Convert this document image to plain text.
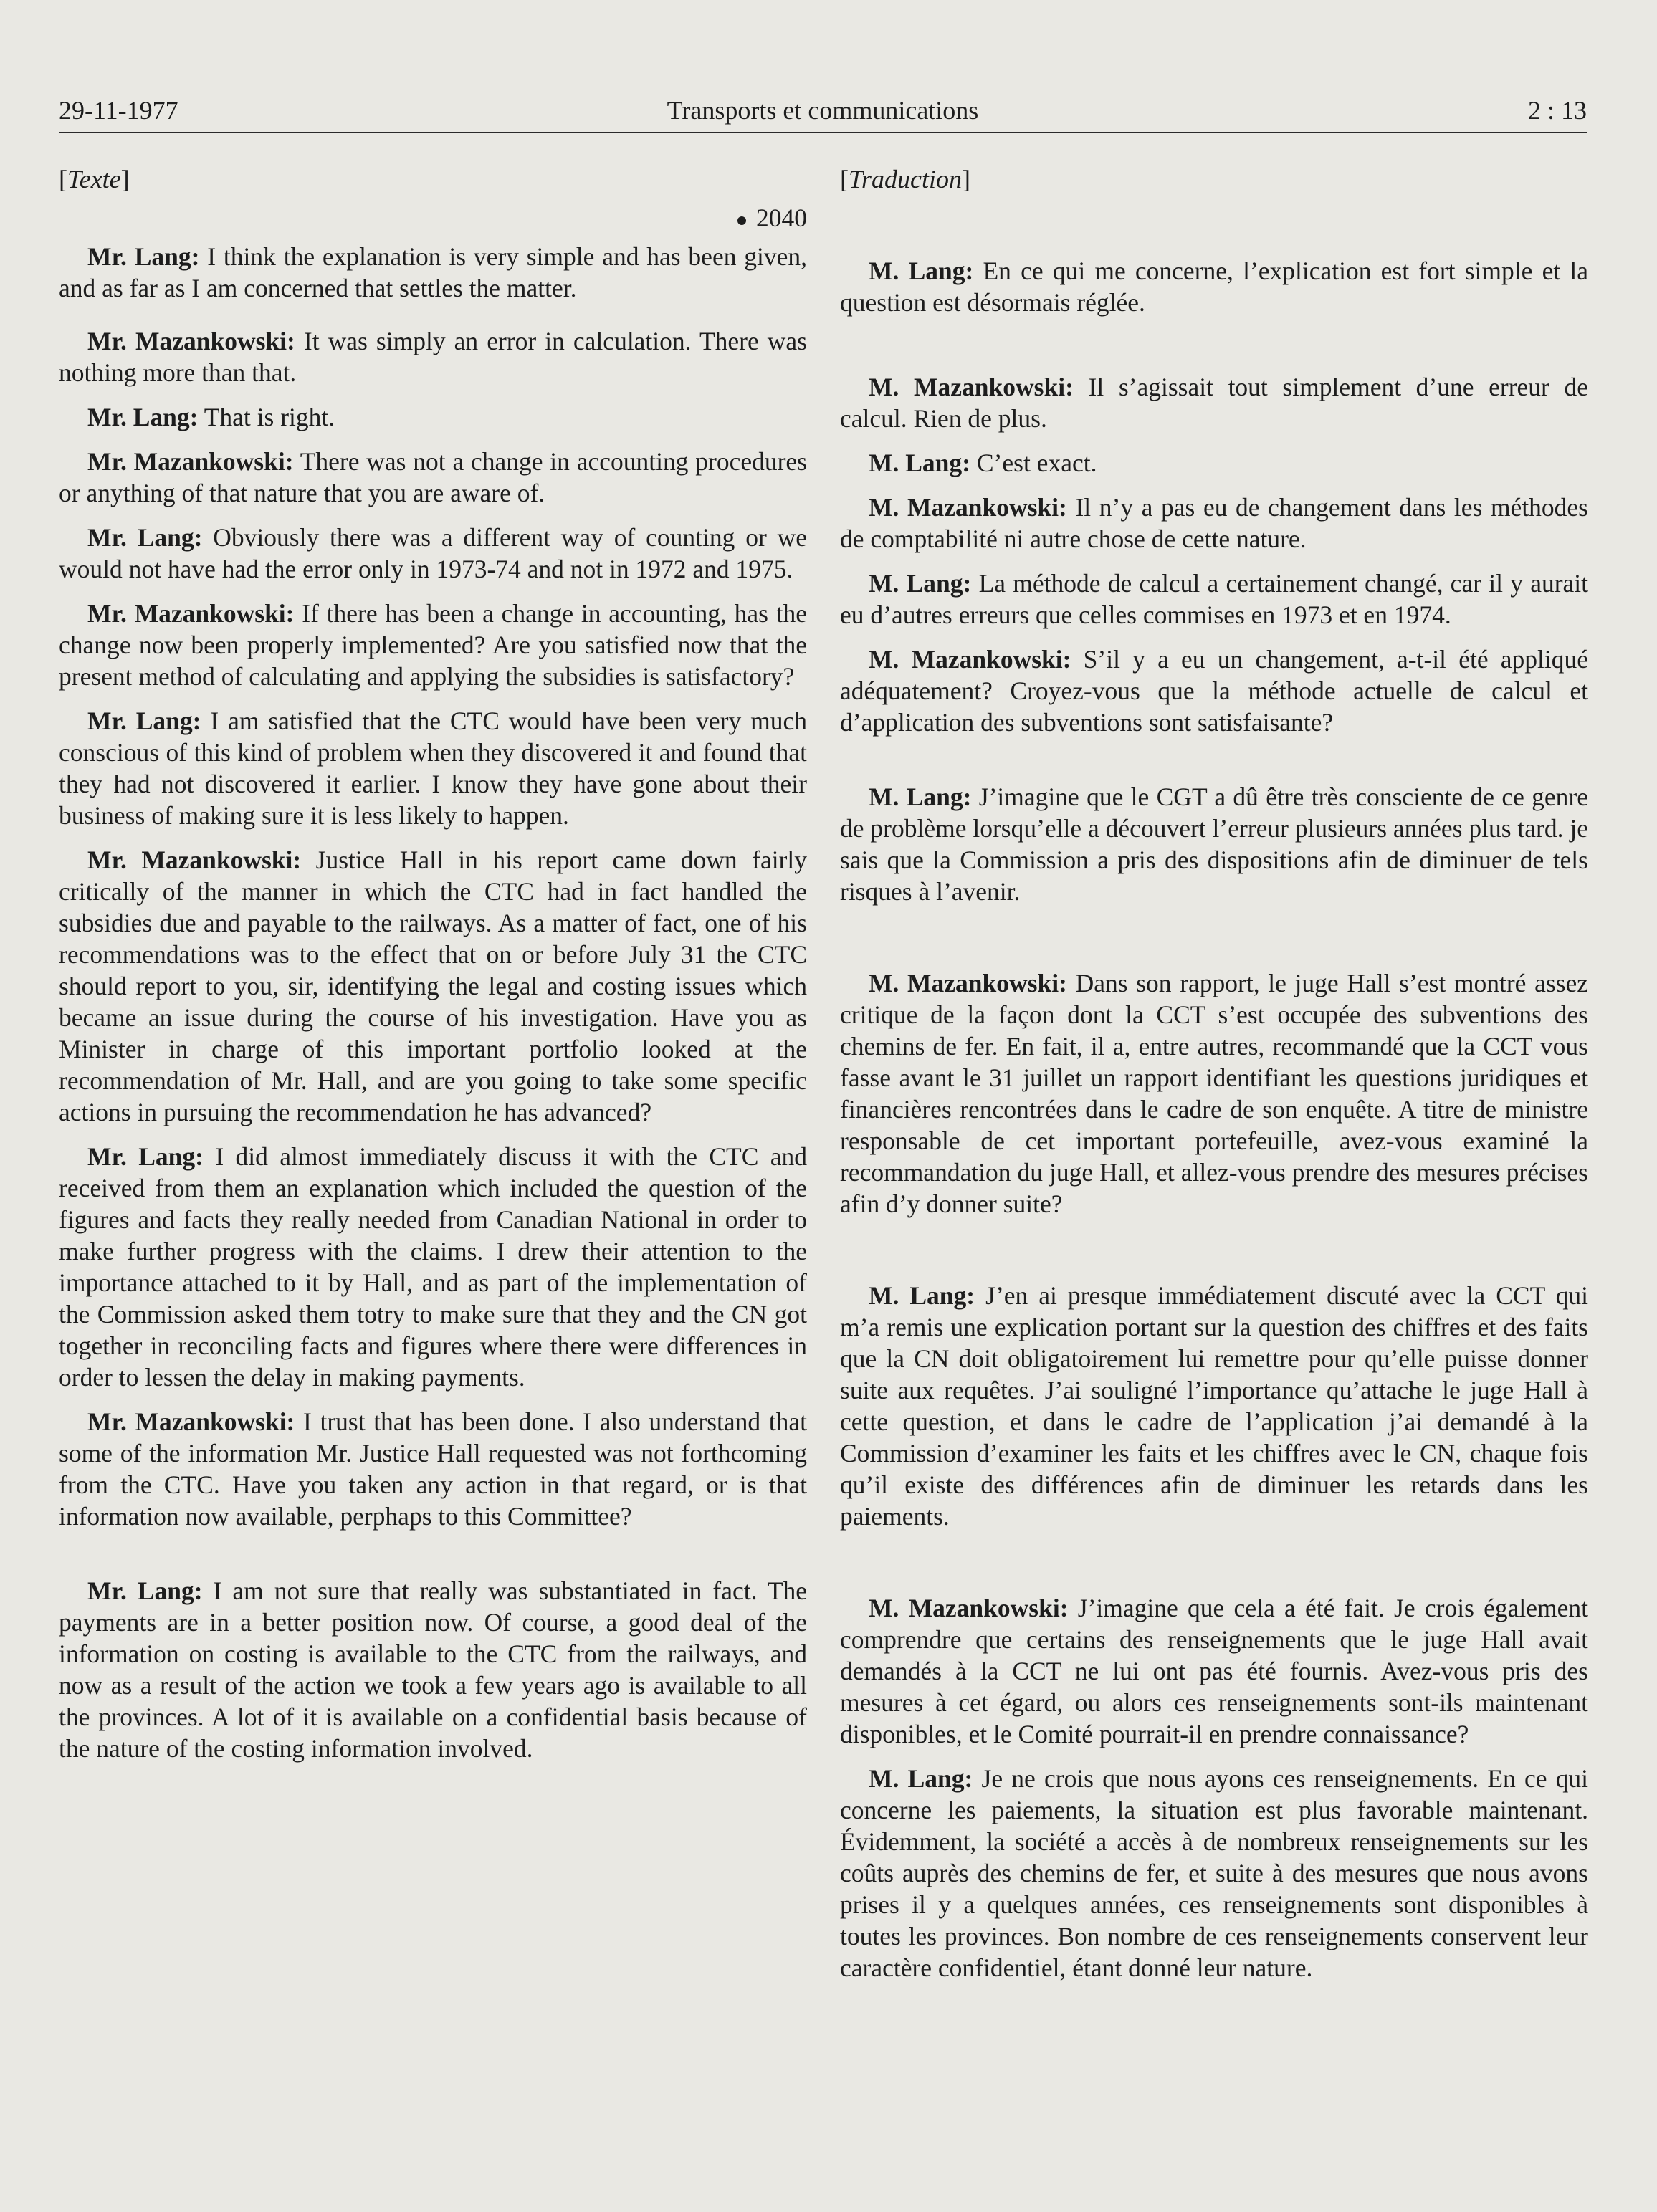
29-11-1977	Transports et communications	2 : 13
[Texte]
2040

Mr. Lang: I think the explanation is very simple and has been given, and as far as I am concerned that settles the matter.

Mr. Mazankowski: It was simply an error in calculation. There was nothing more than that.

Mr. Lang: That is right.

Mr. Mazankowski: There was not a change in accounting procedures or anything of that nature that you are aware of.

Mr. Lang: Obviously there was a different way of counting or we would not have had the error only in 1973-74 and not in 1972 and 1975.

Mr. Mazankowski: If there has been a change in accounting, has the change now been properly implemented? Are you satisfied now that the present method of calculating and applying the subsidies is satisfactory?

Mr. Lang: I am satisfied that the CTC would have been very much conscious of this kind of problem when they discovered it and found that they had not discovered it earlier. I know they have gone about their business of making sure it is less likely to happen.

Mr. Mazankowski: Justice Hall in his report came down fairly critically of the manner in which the CTC had in fact handled the subsidies due and payable to the railways. As a matter of fact, one of his recommendations was to the effect that on or before July 31 the CTC should report to you, sir, identifying the legal and costing issues which became an issue during the course of his investigation. Have you as Minister in charge of this important portfolio looked at the recommendation of Mr. Hall, and are you going to take some specific actions in pursuing the recommendation he has advanced?

Mr. Lang: I did almost immediately discuss it with the CTC and received from them an explanation which included the question of the figures and facts they really needed from Canadian National in order to make further progress with the claims. I drew their attention to the importance attached to it by Hall, and as part of the implementation of the Commission asked them totry to make sure that they and the CN got together in reconciling facts and figures where there were differences in order to lessen the delay in making payments.

Mr. Mazankowski: I trust that has been done. I also understand that some of the information Mr. Justice Hall requested was not forthcoming from the CTC. Have you taken any action in that regard, or is that information now available, perphaps to this Committee?

Mr. Lang: I am not sure that really was substantiated in fact. The payments are in a better position now. Of course, a good deal of the information on costing is available to the CTC from the railways, and now as a result of the action we took a few years ago is available to all the provinces. A lot of it is available on a confidential basis because of the nature of the costing information involved.

[Traduction]

M. Lang: En ce qui me concerne, l’explication est fort simple et la question est désormais réglée.

M. Mazankowski: Il s’agissait tout simplement d’une erreur de calcul. Rien de plus.

M. Lang: C’est exact.

M. Mazankowski: Il n’y a pas eu de changement dans les méthodes de comptabilité ni autre chose de cette nature.

M. Lang: La méthode de calcul a certainement changé, car il y aurait eu d’autres erreurs que celles commises en 1973 et en 1974.

M. Mazankowski: S’il y a eu un changement, a-t-il été appliqué adéquatement? Croyez-vous que la méthode actuelle de calcul et d’application des subventions sont satisfaisante?

M. Lang: J’imagine que le CGT a dû être très consciente de ce genre de problème lorsqu’elle a découvert l’erreur plusieurs années plus tard. je sais que la Commission a pris des dispositions afin de diminuer de tels risques à l’avenir.

M. Mazankowski: Dans son rapport, le juge Hall s’est montré assez critique de la façon dont la CCT s’est occupée des subventions des chemins de fer. En fait, il a, entre autres, recommandé que la CCT vous fasse avant le 31 juillet un rapport identifiant les questions juridiques et financières rencontrées dans le cadre de son enquête. A titre de ministre responsable de cet important portefeuille, avez-vous examiné la recommandation du juge Hall, et allez-vous prendre des mesures précises afin d’y donner suite?

M. Lang: J’en ai presque immédiatement discuté avec la CCT qui m’a remis une explication portant sur la question des chiffres et des faits que la CN doit obligatoirement lui remettre pour qu’elle puisse donner suite aux requêtes. J’ai souligné l’importance qu’attache le juge Hall à cette question, et dans le cadre de l’application j’ai demandé à la Commission d’examiner les faits et les chiffres avec le CN, chaque fois qu’il existe des différences afin de diminuer les retards dans les paiements.

M. Mazankowski: J’imagine que cela a été fait. Je crois également comprendre que certains des renseignements que le juge Hall avait demandés à la CCT ne lui ont pas été fournis. Avez-vous pris des mesures à cet égard, ou alors ces renseignements sont-ils maintenant disponibles, et le Comité pourrait-il en prendre connaissance?

M. Lang: Je ne crois que nous ayons ces renseignements. En ce qui concerne les paiements, la situation est plus favorable maintenant. Évidemment, la société a accès à de nombreux renseignements sur les coûts auprès des chemins de fer, et suite à des mesures que nous avons prises il y a quelques années, ces renseignements sont disponibles à toutes les provinces. Bon nombre de ces renseignements conservent leur caractère confidentiel, étant donné leur nature.
